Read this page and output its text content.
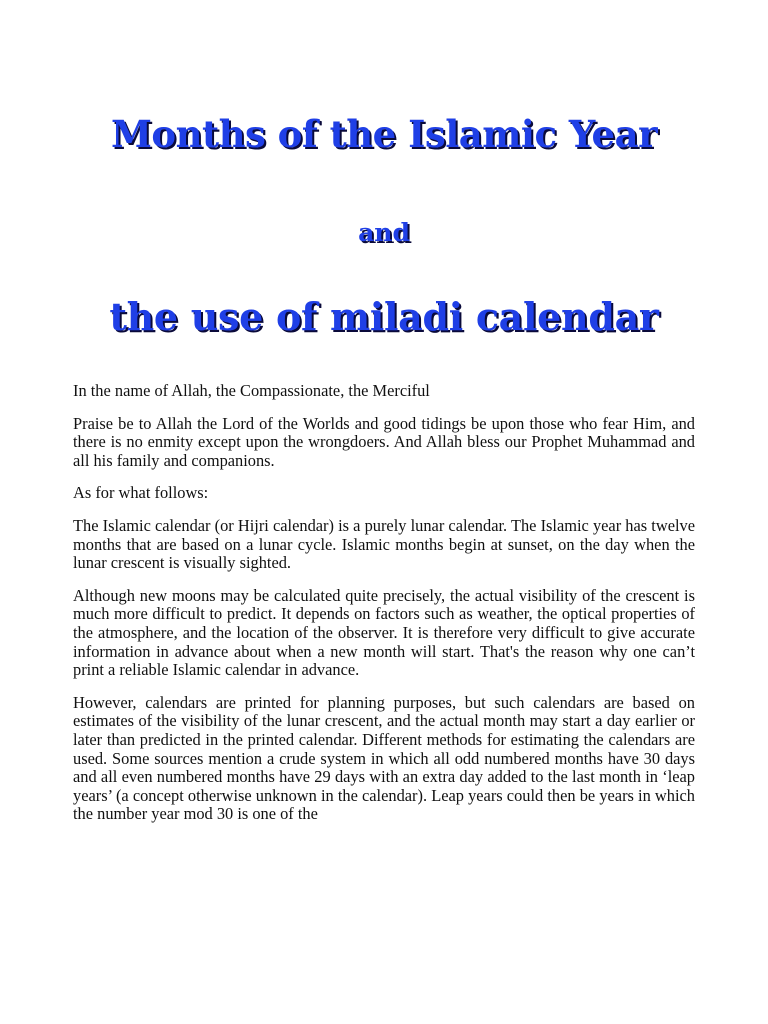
Months of the Islamic Year
and
the use of miladi calendar

In the name of Allah, the Compassionate, the Merciful

Praise be to Allah the Lord of the Worlds and good tidings be upon those who fear Him, and there is no enmity except upon the wrongdoers. And Allah bless our Prophet Muhammad and all his family and companions.

As for what follows:

The Islamic calendar (or Hijri calendar) is a purely lunar calendar. The Islamic year has twelve months that are based on a lunar cycle. Islamic months begin at sunset, on the day when the lunar crescent is visually sighted.

Although new moons may be calculated quite precisely, the actual visibility of the crescent is much more difficult to predict. It depends on factors such as weather, the optical properties of the atmosphere, and the location of the observer. It is therefore very difficult to give accurate information in advance about when a new month will start. That's the reason why one can’t print a reliable Islamic calendar in advance.

However, calendars are printed for planning purposes, but such calendars are based on estimates of the visibility of the lunar crescent, and the actual month may start a day earlier or later than predicted in the printed calendar. Different methods for estimating the calendars are used. Some sources mention a crude system in which all odd numbered months have 30 days and all even numbered months have 29 days with an extra day added to the last month in ‘leap years’ (a concept otherwise unknown in the calendar). Leap years could then be years in which the number year mod 30 is one of the
